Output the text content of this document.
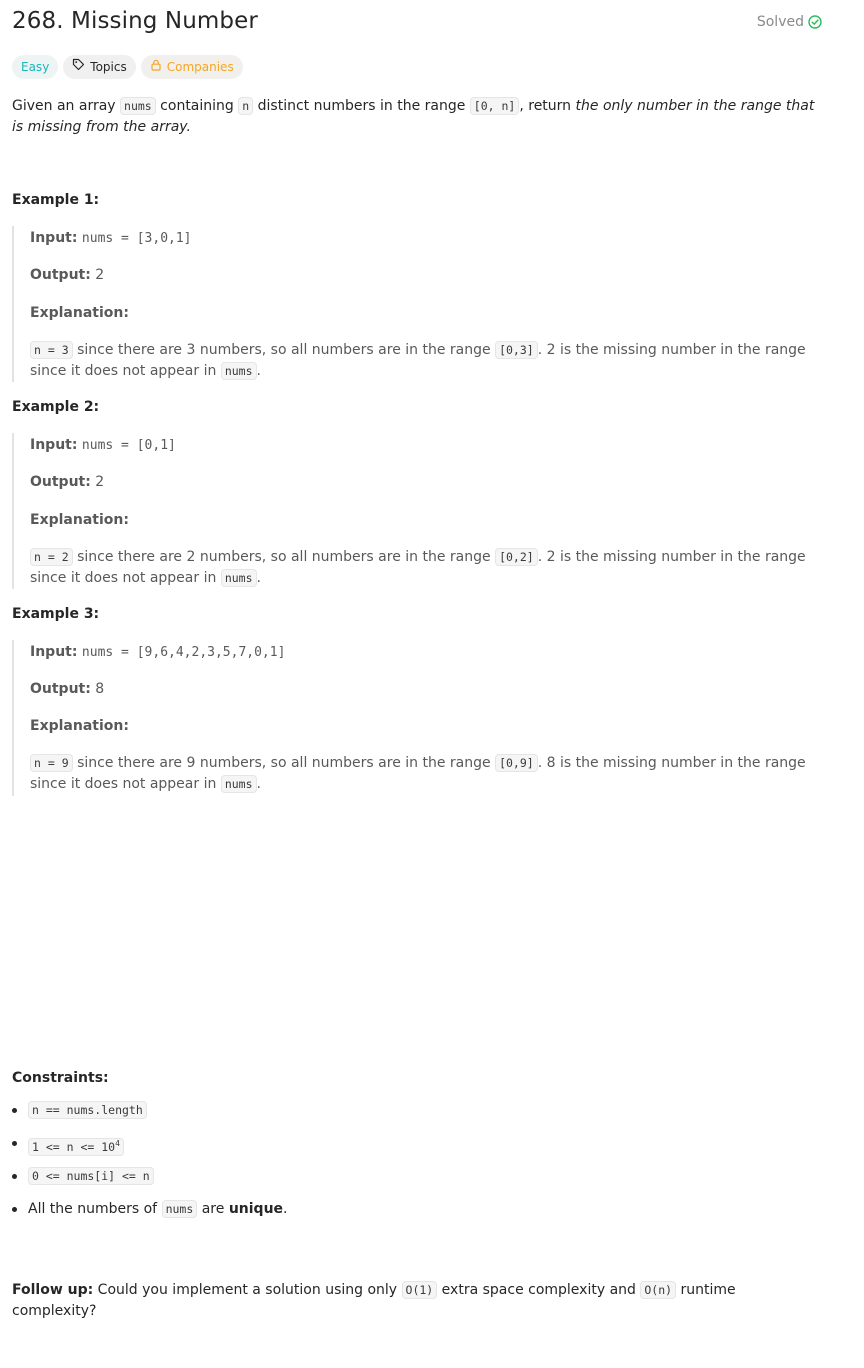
268. Missing Number	Solved
Easy	Topics	Companies

Given an array nums containing n distinct numbers in the range [0, n] , return the only number in the range that is missing from the array.

Example 1:

Input: nums = [3,0,1]

Output: 2

Explanation:

n = 3 since there are 3 numbers, so all numbers are in the range [0,3] . 2 is the missing number in the range since it does not appear in nums .

Example 2:

Input: nums = [0,1]

Output: 2

Explanation:

n = 2 since there are 2 numbers, so all numbers are in the range [0,2] . 2 is the missing number in the range since it does not appear in nums .

Example 3:

Input: nums = [9,6,4,2,3,5,7,0,1]

Output: 8

Explanation:

n = 9 since there are 9 numbers, so all numbers are in the range [0,9] . 8 is the missing number in the range since it does not appear in nums .

Constraints:

n == nums.length
$1 <= n <= 10^4$
0 <= nums[i] <= n
All the numbers of nums are unique.

Follow up: Could you implement a solution using only O(1) extra space complexity and O(n) runtime complexity?
